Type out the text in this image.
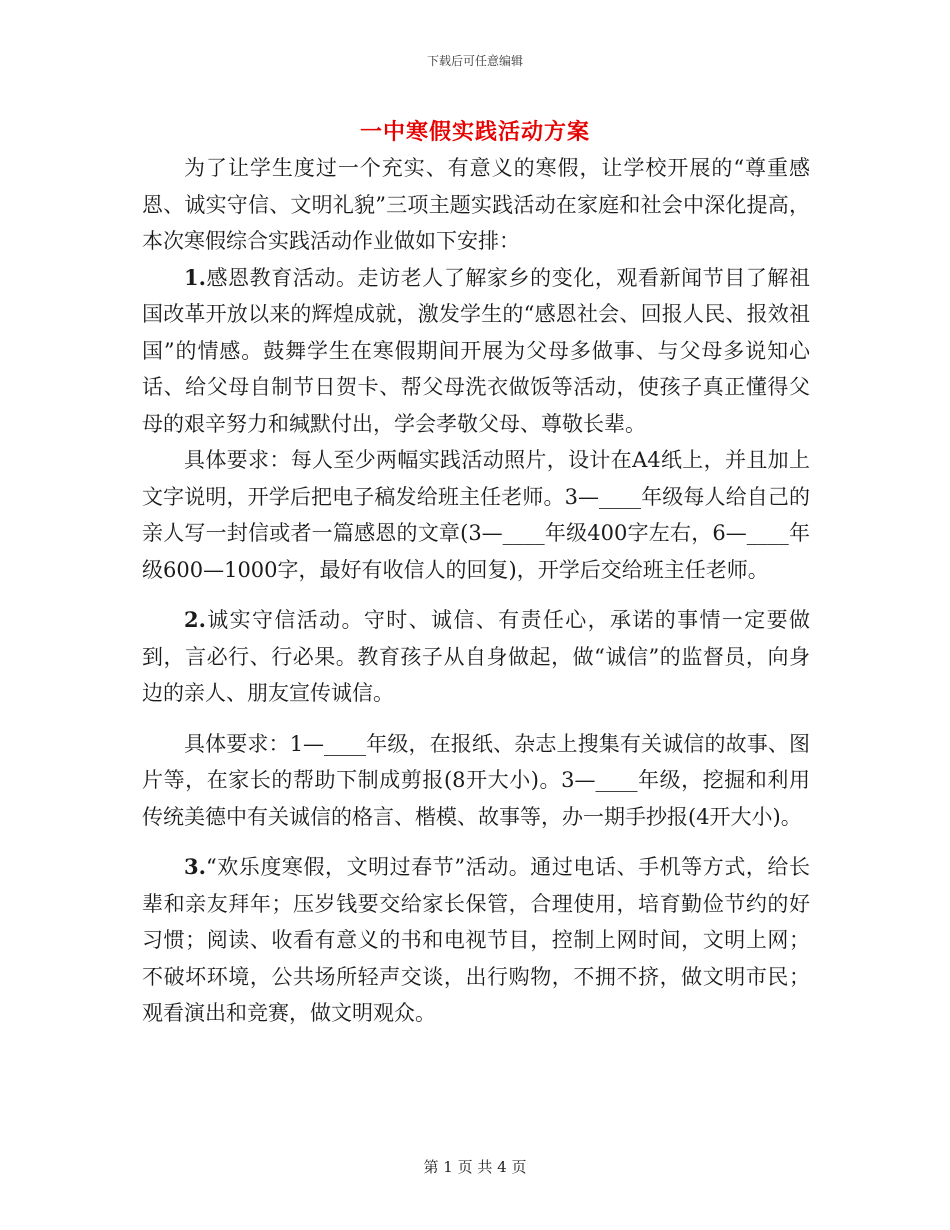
下载后可任意编辑
一中寒假实践活动方案

为了让学生度过一个充实、有意义的寒假，让学校开展的“尊重感恩、诚实守信、文明礼貌”三项主题实践活动在家庭和社会中深化提高，本次寒假综合实践活动作业做如下安排：

1.感恩教育活动。走访老人了解家乡的变化，观看新闻节目了解祖国改革开放以来的辉煌成就，激发学生的“感恩社会、回报人民、报效祖国”的情感。鼓舞学生在寒假期间开展为父母多做事、与父母多说知心话、给父母自制节日贺卡、帮父母洗衣做饭等活动，使孩子真正懂得父母的艰辛努力和缄默付出，学会孝敬父母、尊敬长辈。

具体要求：每人至少两幅实践活动照片，设计在A4纸上，并且加上文字说明，开学后把电子稿发给班主任老师。3—____年级每人给自己的亲人写一封信或者一篇感恩的文章(3—____年级400字左右，6—____年级600—1000字，最好有收信人的回复)，开学后交给班主任老师。

2.诚实守信活动。守时、诚信、有责任心，承诺的事情一定要做到，言必行、行必果。教育孩子从自身做起，做“诚信”的监督员，向身边的亲人、朋友宣传诚信。

具体要求：1—____年级，在报纸、杂志上搜集有关诚信的故事、图片等，在家长的帮助下制成剪报(8开大小)。3—____年级，挖掘和利用传统美德中有关诚信的格言、楷模、故事等，办一期手抄报(4开大小)。

3.“欢乐度寒假，文明过春节”活动。通过电话、手机等方式，给长辈和亲友拜年；压岁钱要交给家长保管，合理使用，培育勤俭节约的好习惯；阅读、收看有意义的书和电视节目，控制上网时间，文明上网；不破坏环境，公共场所轻声交谈，出行购物，不拥不挤，做文明市民；观看演出和竞赛，做文明观众。

第 1 页 共 4 页
